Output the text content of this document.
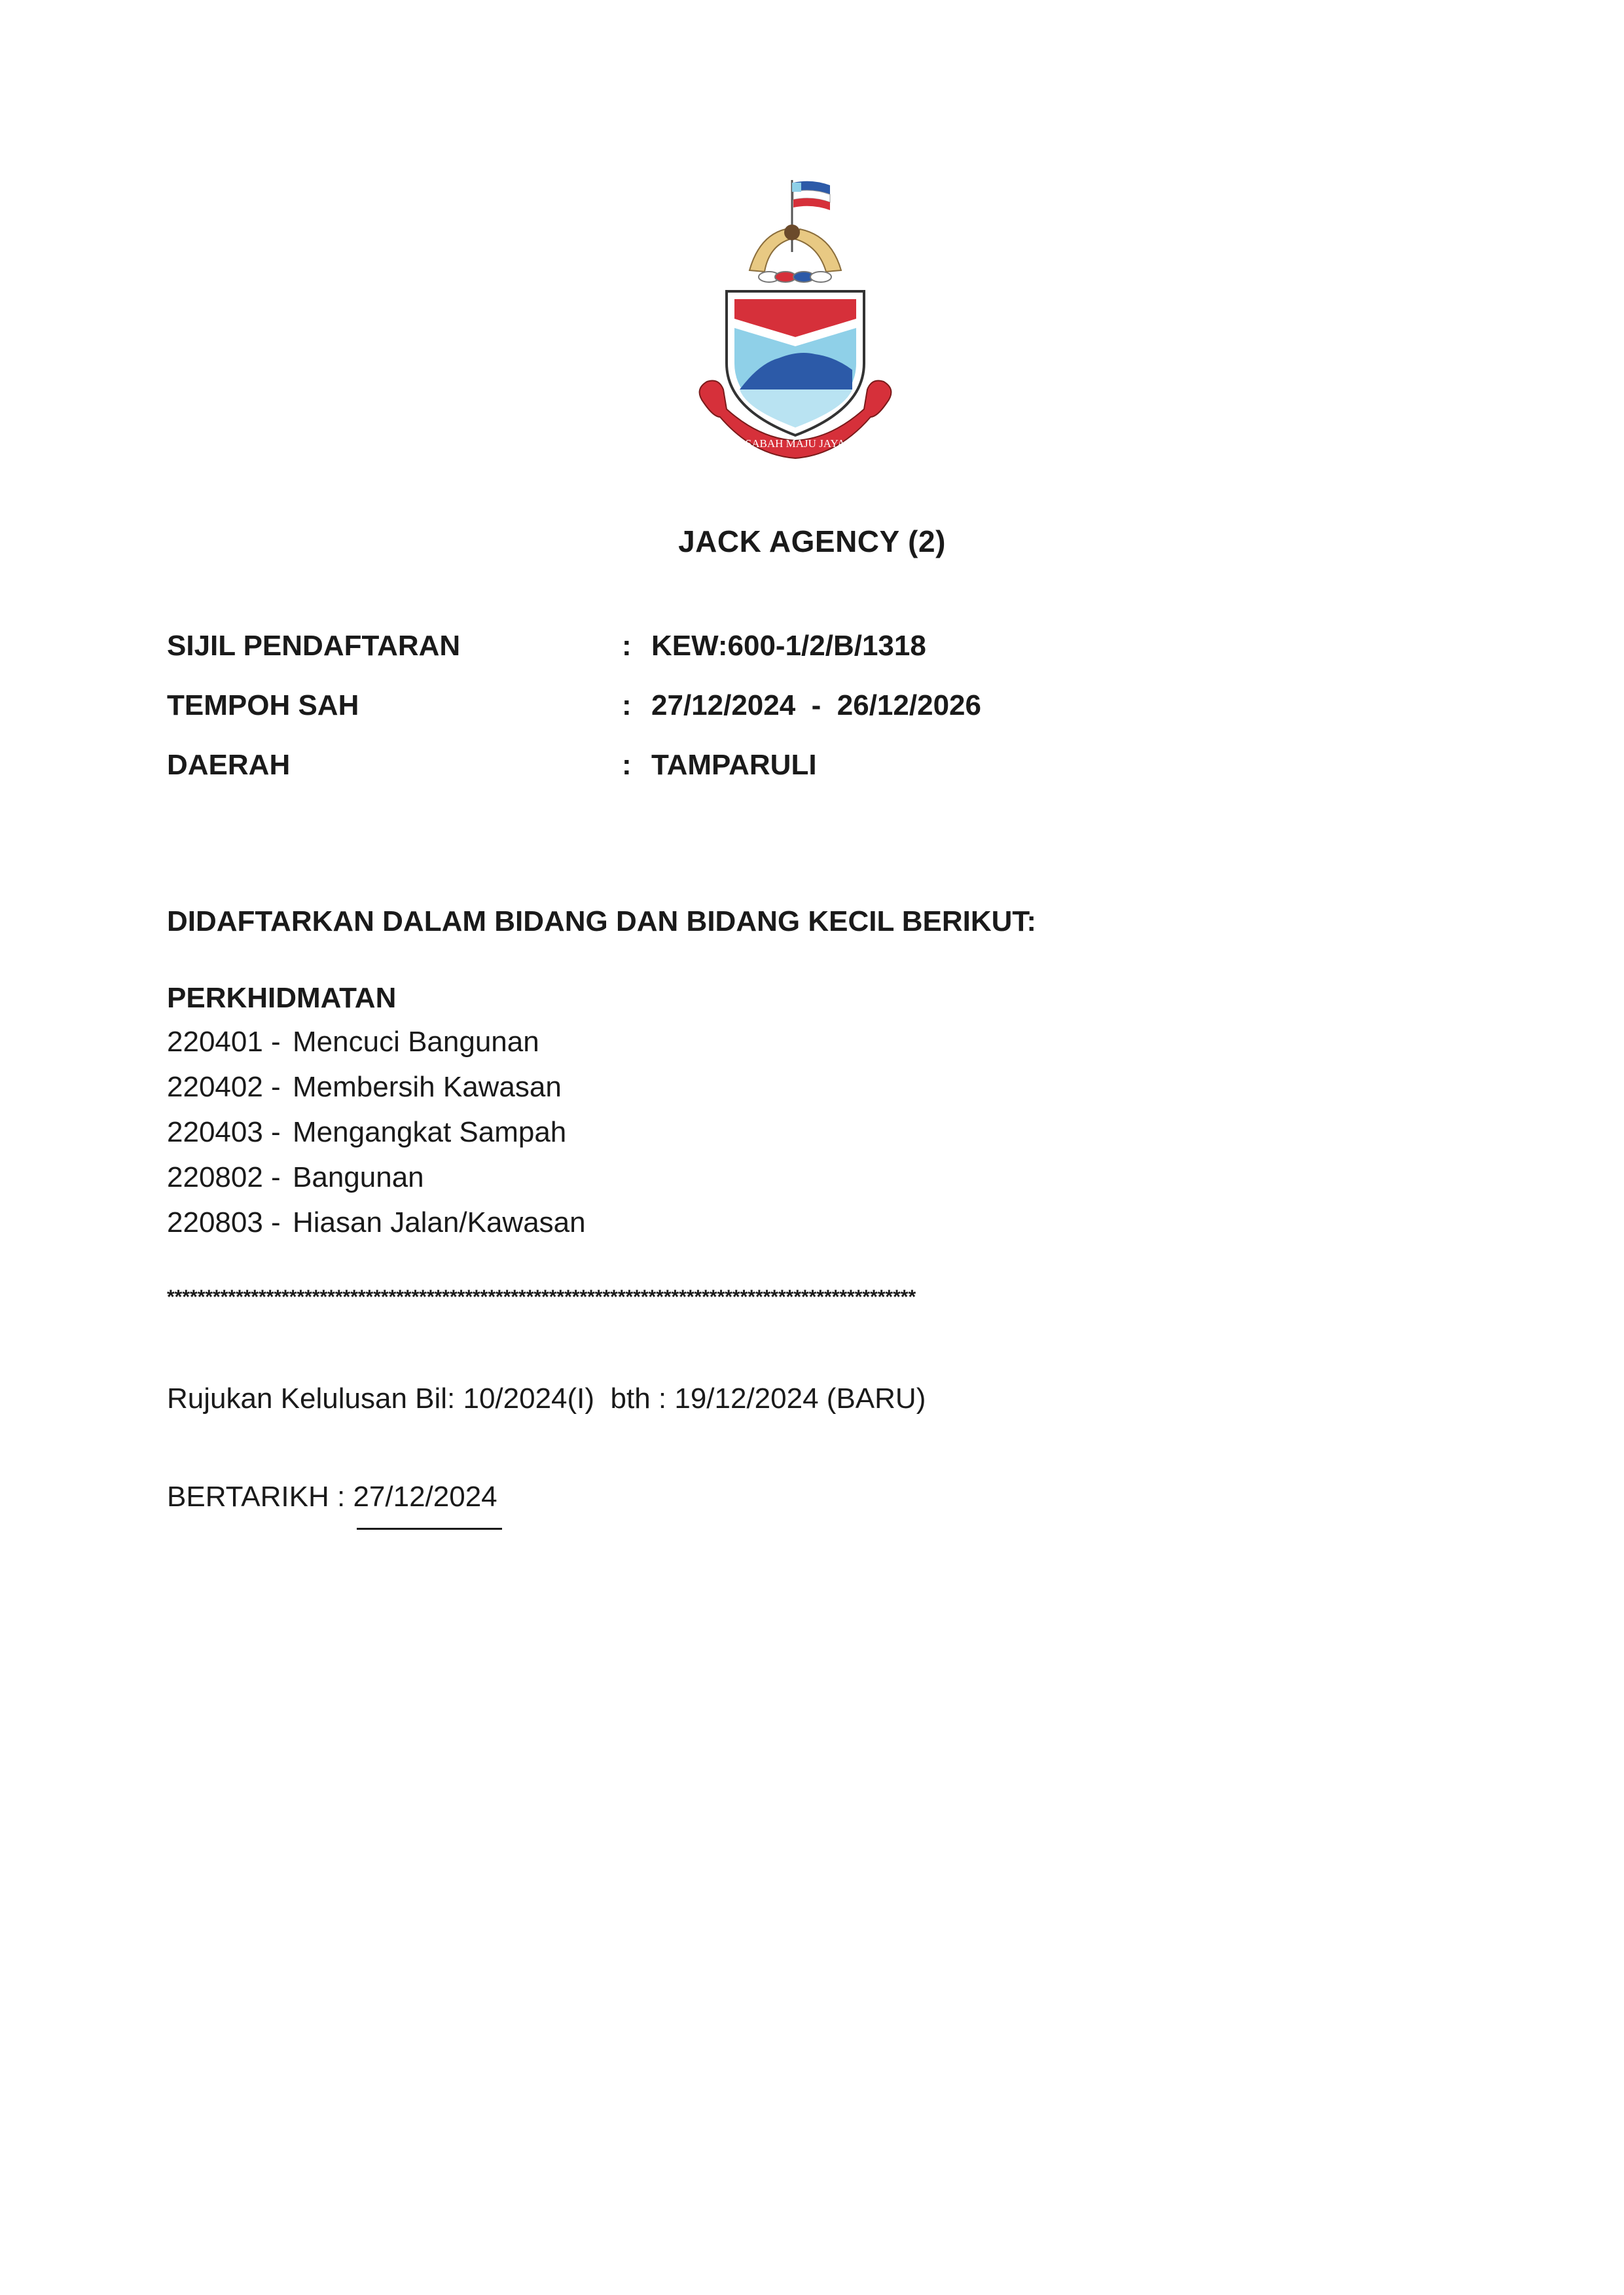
SABAH MAJU JAYA
JACK AGENCY (2)
SIJIL PENDAFTARAN	: KEW:600-1/2/B/1318
TEMPOH SAH	: 27/12/2024  -  26/12/2026
DAERAH	: TAMPARULI
DIDAFTARKAN DALAM BIDANG DAN BIDANG KECIL BERIKUT:
PERKHIDMATAN
220401 - Mencuci Bangunan
220402 - Membersih Kawasan
220403 - Mengangkat Sampah
220802 - Bangunan
220803 - Hiasan Jalan/Kawasan
**************************************************************************************************
Rujukan Kelulusan Bil: 10/2024(I)  bth : 19/12/2024 (BARU)
BERTARIKH : 27/12/2024
